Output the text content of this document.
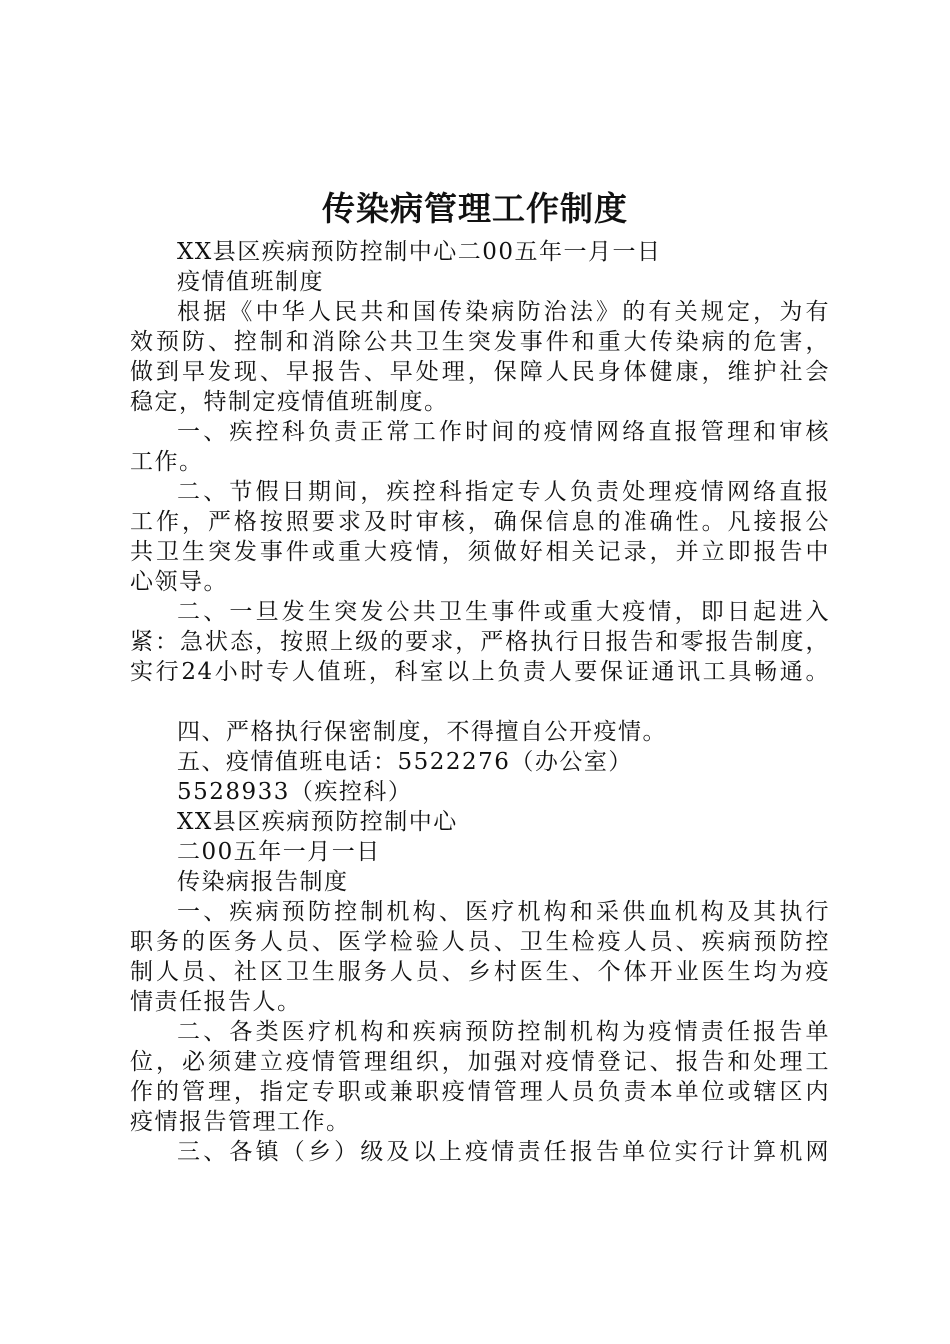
传染病管理工作制度
XX县区疾病预防控制中心二00五年一月一日
疫情值班制度
根据《中华人民共和国传染病防治法》的有关规定，为有
效预防、控制和消除公共卫生突发事件和重大传染病的危害，
做到早发现、早报告、早处理，保障人民身体健康，维护社会
稳定，特制定疫情值班制度。
一、疾控科负责正常工作时间的疫情网络直报管理和审核
工作。
二、节假日期间，疾控科指定专人负责处理疫情网络直报
工作，严格按照要求及时审核，确保信息的准确性。凡接报公
共卫生突发事件或重大疫情，须做好相关记录，并立即报告中
心领导。
二、一旦发生突发公共卫生事件或重大疫情，即日起进入
紧：急状态，按照上级的要求，严格执行日报告和零报告制度，
实行24小时专人值班，科室以上负责人要保证通讯工具畅通。
四、严格执行保密制度，不得擅自公开疫情。
五、疫情值班电话：5522276（办公室）
5528933（疾控科）
XX县区疾病预防控制中心
二00五年一月一日
传染病报告制度
一、疾病预防控制机构、医疗机构和采供血机构及其执行
职务的医务人员、医学检验人员、卫生检疫人员、疾病预防控
制人员、社区卫生服务人员、乡村医生、个体开业医生均为疫
情责任报告人。
二、各类医疗机构和疾病预防控制机构为疫情责任报告单
位，必须建立疫情管理组织，加强对疫情登记、报告和处理工
作的管理，指定专职或兼职疫情管理人员负责本单位或辖区内
疫情报告管理工作。
三、各镇（乡）级及以上疫情责任报告单位实行计算机网
